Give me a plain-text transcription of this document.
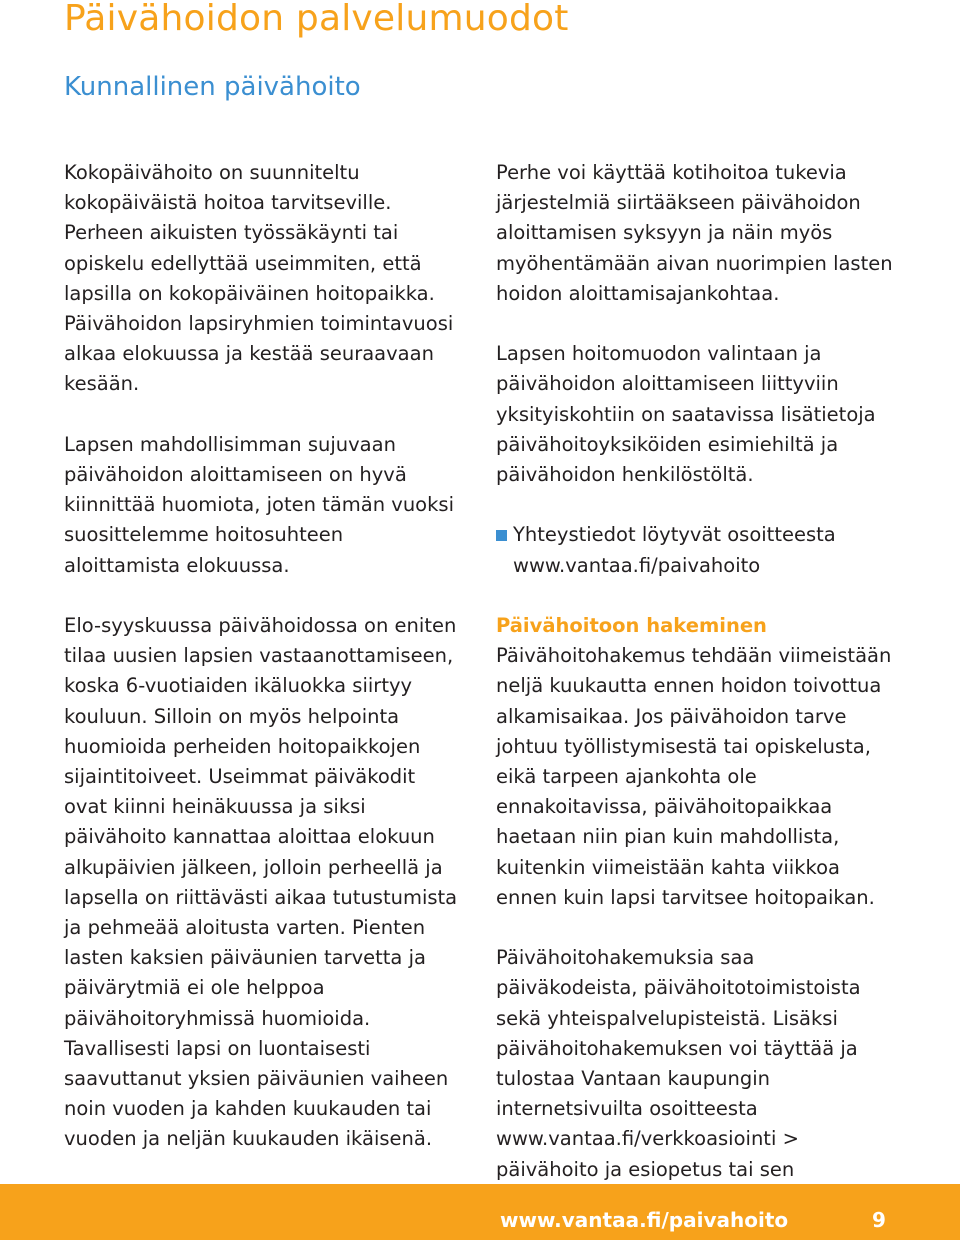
Päivähoidon palvelumuodot
Kunnallinen päivähoito

Kokopäivähoito on suunniteltu kokopäiväistä hoitoa tarvitseville. Perheen aikuisten työssäkäynti tai opiskelu edellyttää useimmiten, että lapsilla on kokopäiväinen hoitopaikka. Päivähoidon lapsiryhmien toimintavuosi alkaa elokuussa ja kestää seuraavaan kesään.

Lapsen mahdollisimman sujuvaan päivähoidon aloittamiseen on hyvä kiinnittää huomiota, joten tämän vuoksi suosittelemme hoitosuhteen aloittamista elokuussa.

Elo-syyskuussa päivähoidossa on eniten tilaa uusien lapsien vastaanottamiseen, koska 6-vuotiaiden ikäluokka siirtyy kouluun. Silloin on myös helpointa huomioida perheiden hoitopaikkojen sijaintitoiveet. Useimmat päiväkodit ovat kiinni heinäkuussa ja siksi päivähoito kannattaa aloittaa elokuun alkupäivien jälkeen, jolloin perheellä ja lapsella on riittävästi aikaa tutustumista ja pehmeää aloitusta varten. Pienten lasten kaksien päiväunien tarvetta ja päivärytmiä ei ole helppoa päivähoitoryhmissä huomioida. Tavallisesti lapsi on luontaisesti saavuttanut yksien päiväunien vaiheen noin vuoden ja kahden kuukauden tai vuoden ja neljän kuukauden ikäisenä.

Perhe voi käyttää kotihoitoa tukevia järjestelmiä siirtääkseen päivähoidon aloittamisen syksyyn ja näin myös myöhentämään aivan nuorimpien lasten hoidon aloittamisajankohtaa.

Lapsen hoitomuodon valintaan ja päivähoidon aloittamiseen liittyviin yksityiskohtiin on saatavissa lisätietoja päivähoitoyksiköiden esimiehiltä ja päivähoidon henkilöstöltä.

Yhteystiedot löytyvät osoitteesta www.vantaa.fi/paivahoito

Päivähoitoon hakeminen

Päivähoitohakemus tehdään viimeistään neljä kuukautta ennen hoidon toivottua alkamisaikaa. Jos päivähoidon tarve johtuu työllistymisestä tai opiskelusta, eikä tarpeen ajankohta ole ennakoitavissa, päivähoitopaikkaa haetaan niin pian kuin mahdollista, kuitenkin viimeistään kahta viikkoa ennen kuin lapsi tarvitsee hoitopaikan.

Päivähoitohakemuksia saa päiväkodeista, päivähoitotoimistoista sekä yhteispalvelupisteistä. Lisäksi päivähoitohakemuksen voi täyttää ja tulostaa Vantaan kaupungin internetsivuilta osoitteesta www.vantaa.fi/verkkoasiointi > päivähoito ja esiopetus tai sen

www.vantaa.fi/paivahoito	9
